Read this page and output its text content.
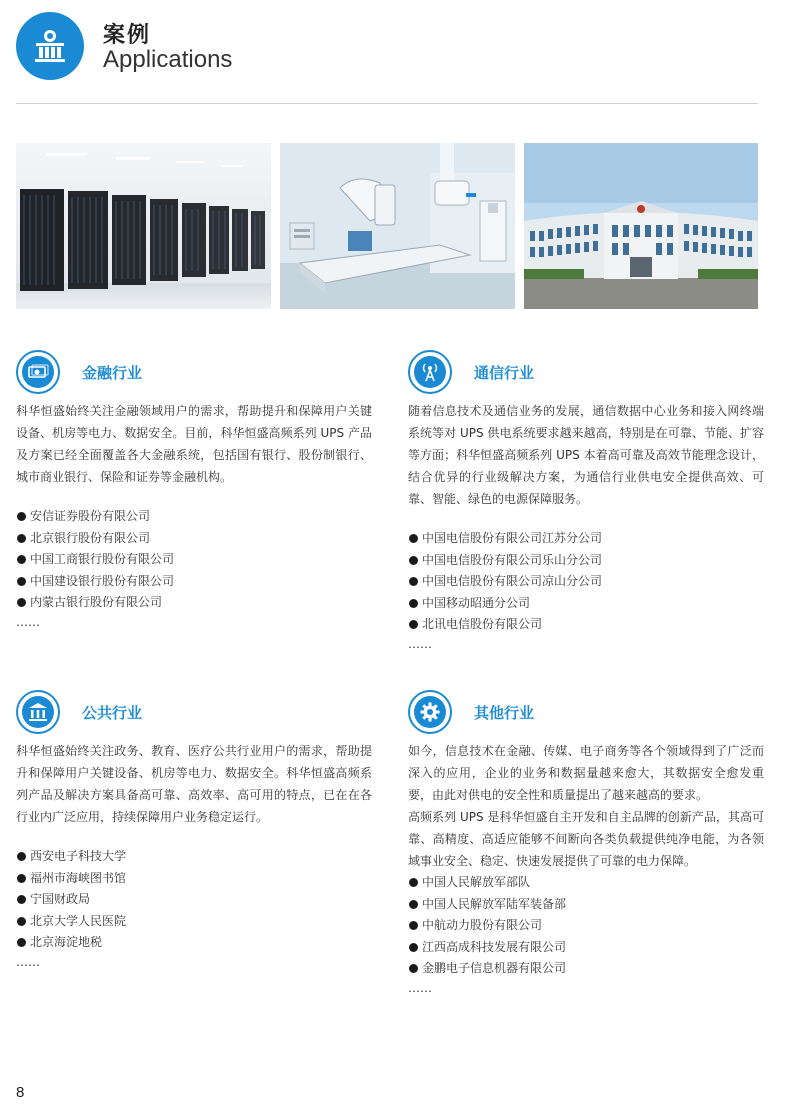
案例
Applications
金融行业

科华恒盛始终关注金融领域用户的需求，帮助提升和保障用户关键设备、机房等电力、数据安全。目前，科华恒盛高频系列 UPS 产品及方案已经全面覆盖各大金融系统，包括国有银行、股份制银行、城市商业银行、保险和证券等金融机构。

安信证券股份有限公司
北京银行股份有限公司
中国工商银行股份有限公司
中国建设银行股份有限公司
内蒙古银行股份有限公司
……
通信行业

随着信息技术及通信业务的发展，通信数据中心业务和接入网终端系统等对 UPS 供电系统要求越来越高，特别是在可靠、节能、扩容等方面；科华恒盛高频系列 UPS 本着高可靠及高效节能理念设计，结合优异的行业级解决方案，为通信行业供电安全提供高效、可靠、智能、绿色的电源保障服务。

中国电信股份有限公司江苏分公司
中国电信股份有限公司乐山分公司
中国电信股份有限公司凉山分公司
中国移动昭通分公司
北讯电信股份有限公司
……
公共行业

科华恒盛始终关注政务、教育、医疗公共行业用户的需求，帮助提升和保障用户关键设备、机房等电力、数据安全。科华恒盛高频系列产品及解决方案具备高可靠、高效率、高可用的特点，已在在各行业内广泛应用，持续保障用户业务稳定运行。

西安电子科技大学
福州市海峡图书馆
宁国财政局
北京大学人民医院
北京海淀地税
……
其他行业

如今，信息技术在金融、传媒、电子商务等各个领域得到了广泛而深入的应用，企业的业务和数据量越来愈大，其数据安全愈发重要，由此对供电的安全性和质量提出了越来越高的要求。

高频系列 UPS 是科华恒盛自主开发和自主品牌的创新产品，其高可靠、高精度、高适应能够不间断向各类负载提供纯净电能，为各领域事业安全、稳定、快速发展提供了可靠的电力保障。

中国人民解放军部队
中国人民解放军陆军装备部
中航动力股份有限公司
江西高成科技发展有限公司
金鹏电子信息机器有限公司
……
8
